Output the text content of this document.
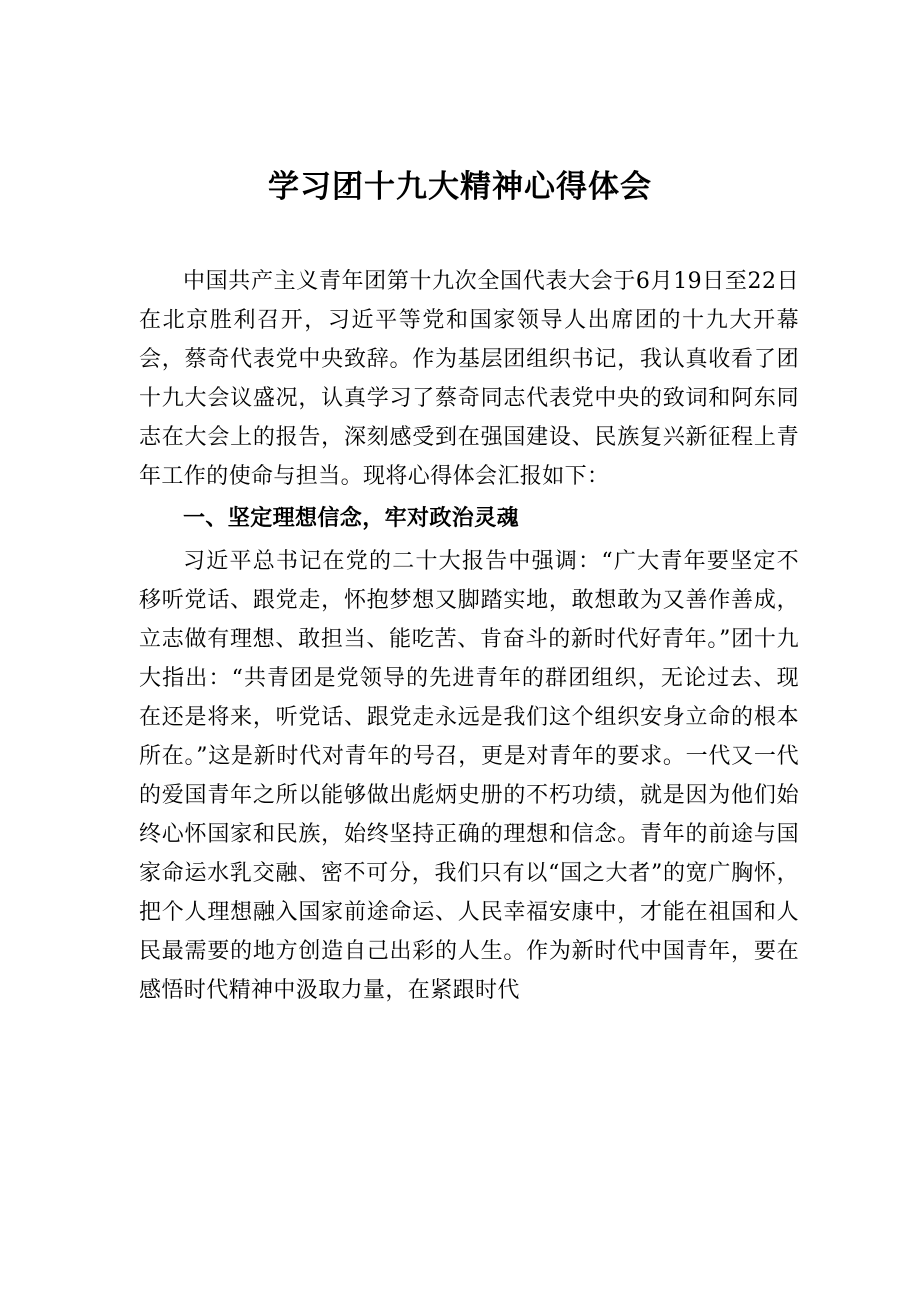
学习团十九大精神心得体会

中国共产主义青年团第十九次全国代表大会于6月19日至22日在北京胜利召开，习近平等党和国家领导人出席团的十九大开幕会，蔡奇代表党中央致辞。作为基层团组织书记，我认真收看了团十九大会议盛况，认真学习了蔡奇同志代表党中央的致词和阿东同志在大会上的报告，深刻感受到在强国建设、民族复兴新征程上青年工作的使命与担当。现将心得体会汇报如下：

一、坚定理想信念，牢对政治灵魂

习近平总书记在党的二十大报告中强调：“广大青年要坚定不移听党话、跟党走，怀抱梦想又脚踏实地，敢想敢为又善作善成，立志做有理想、敢担当、能吃苦、肯奋斗的新时代好青年。”团十九大指出：“共青团是党领导的先进青年的群团组织，无论过去、现在还是将来，听党话、跟党走永远是我们这个组织安身立命的根本所在。”这是新时代对青年的号召，更是对青年的要求。一代又一代的爱国青年之所以能够做出彪炳史册的不朽功绩，就是因为他们始终心怀国家和民族，始终坚持正确的理想和信念。青年的前途与国家命运水乳交融、密不可分，我们只有以“国之大者”的宽广胸怀，把个人理想融入国家前途命运、人民幸福安康中，才能在祖国和人民最需要的地方创造自己出彩的人生。作为新时代中国青年，要在感悟时代精神中汲取力量，在紧跟时代
